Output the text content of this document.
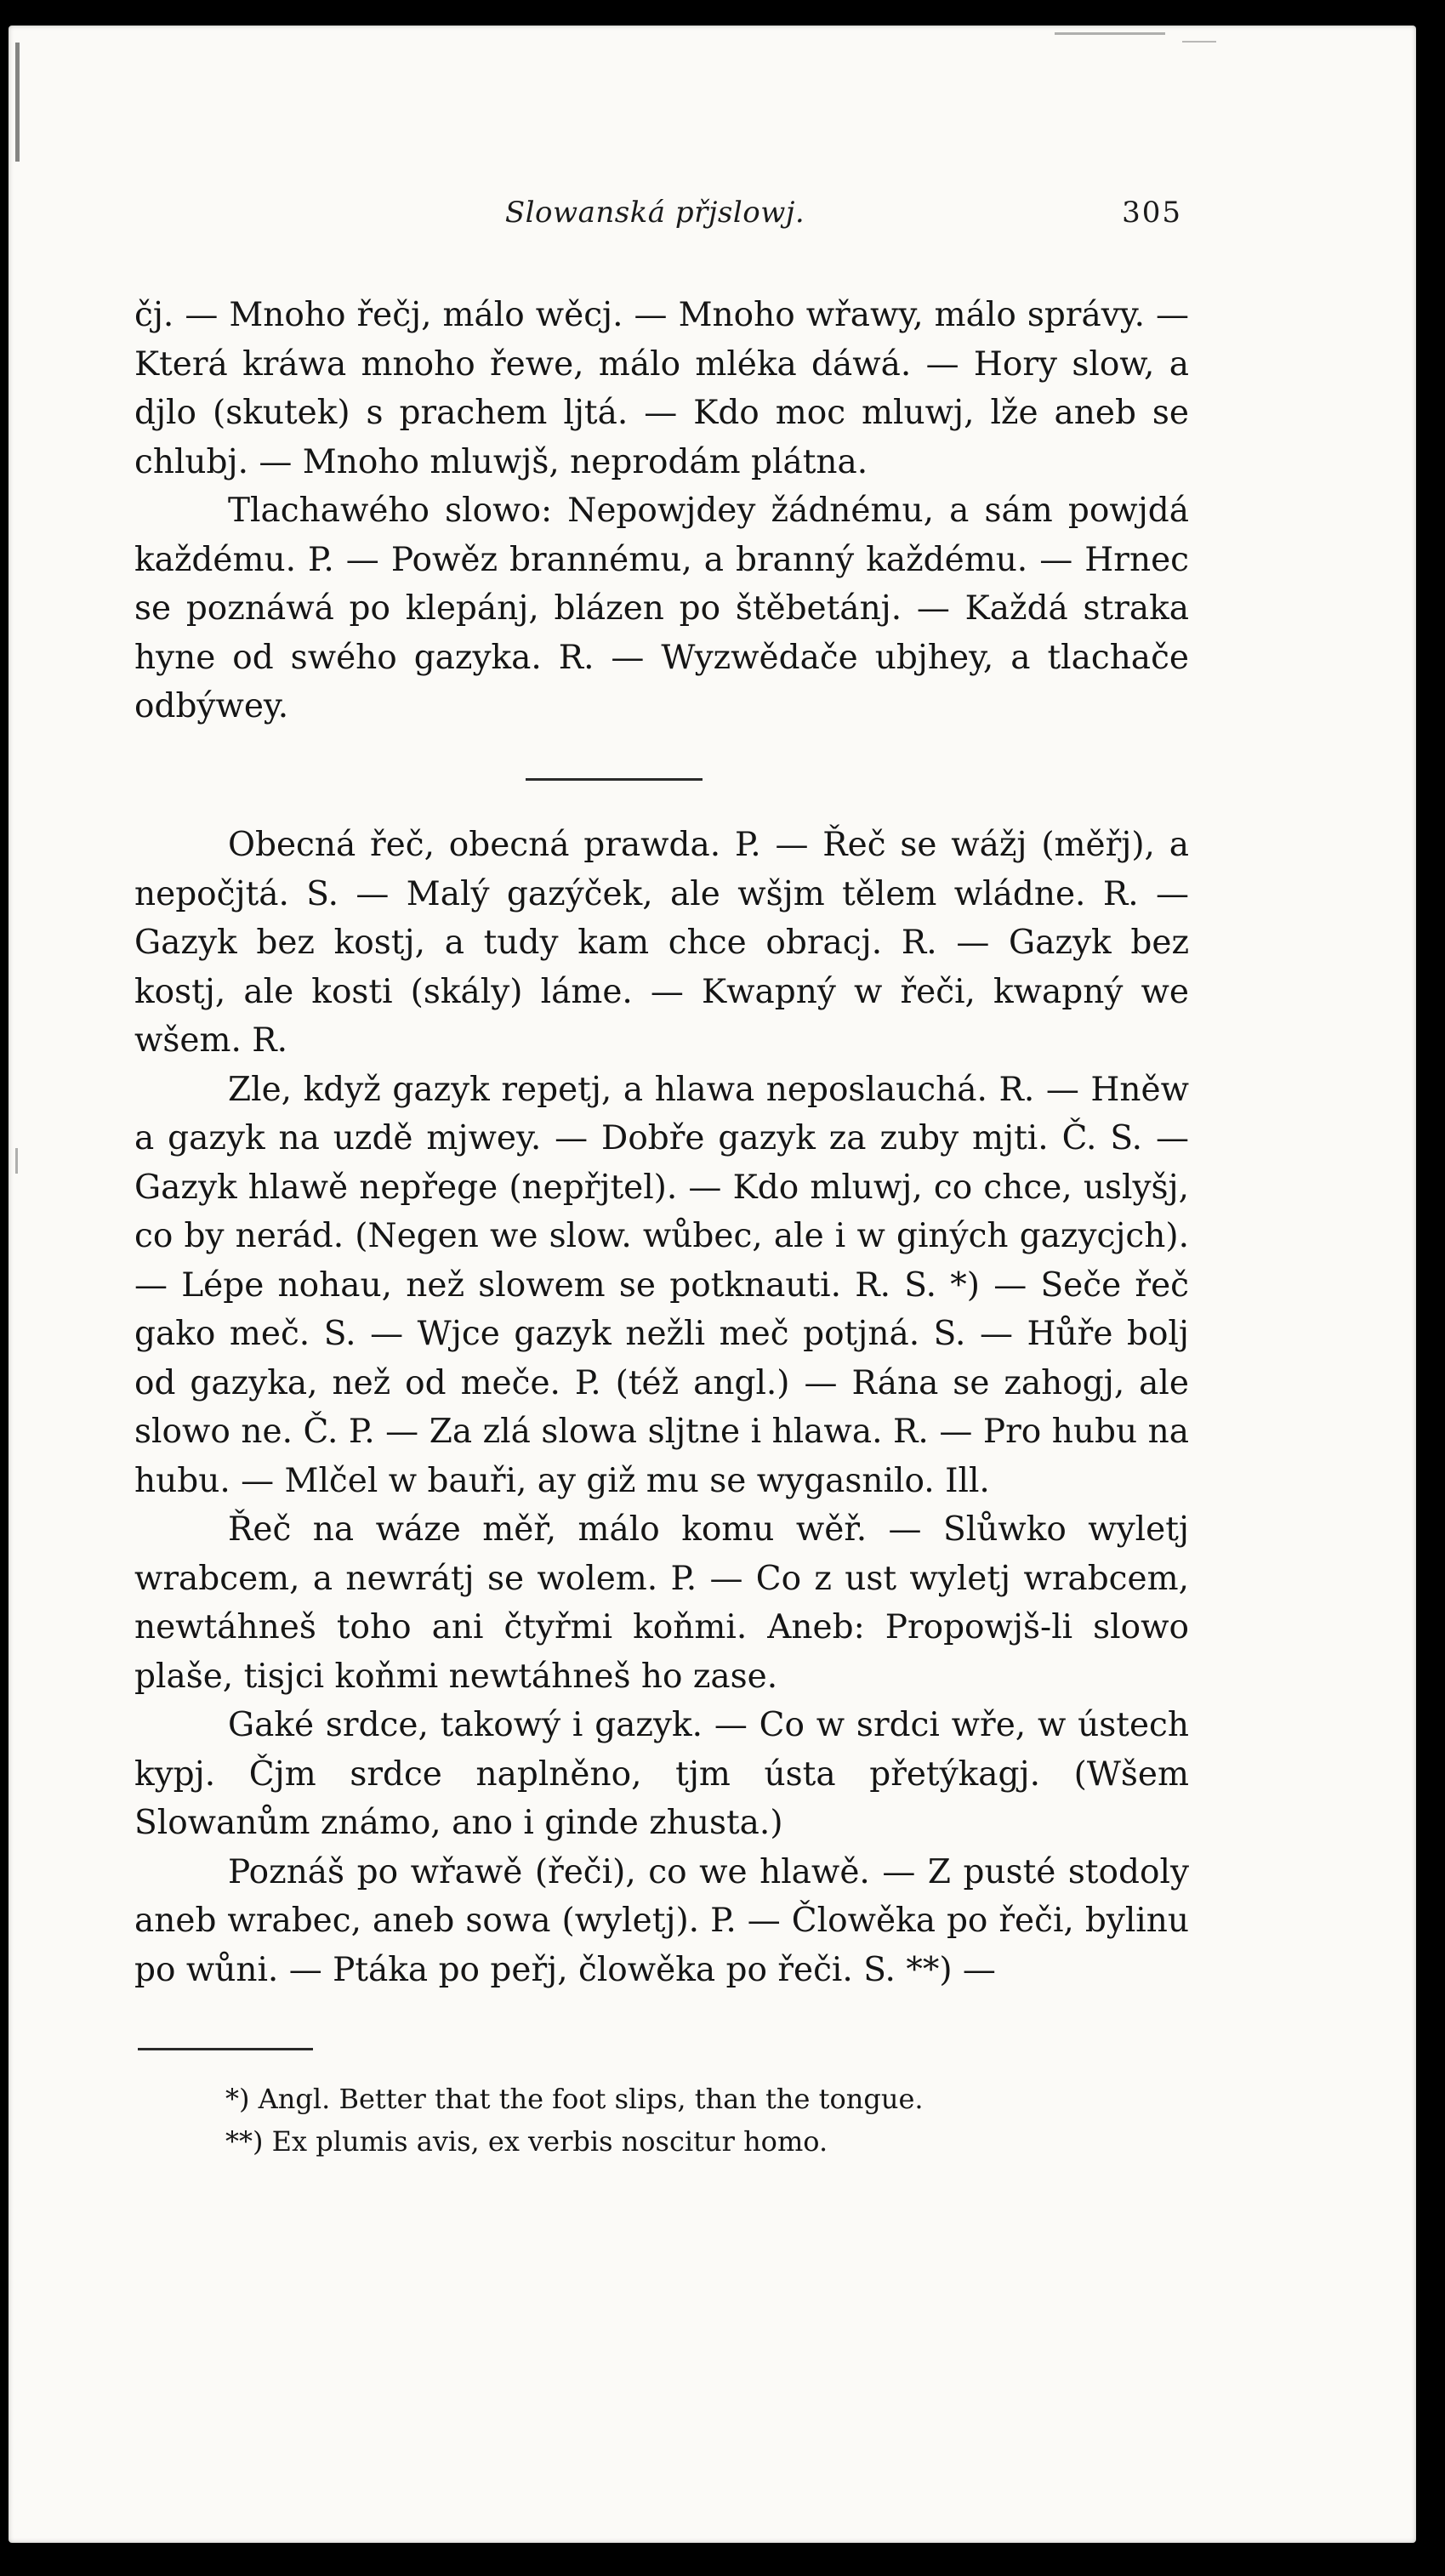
Slowanská přjslowj.	305

čj. — Mnoho řečj, málo wěcj. — Mnoho wřawy, málo správy. — Která kráwa mnoho řewe, málo mléka dáwá. — Hory slow, a djlo (skutek) s prachem ljtá. — Kdo moc mluwj, lže aneb se chlubj. — Mnoho mluwjš, neprodám plátna.

Tlachawého slowo: Nepowjdey žádnému, a sám powjdá každému. P. — Powěz brannému, a branný každému. — Hrnec se poznáwá po klepánj, blázen po štěbetánj. — Každá straka hyne od swého gazyka. R. — Wyzwědače ubjhey, a tlachače odbýwey.

Obecná řeč, obecná prawda. P. — Řeč se wážj (měřj), a nepočjtá. S. — Malý gazýček, ale wšjm tělem wládne. R. — Gazyk bez kostj, a tudy kam chce obracj. R. — Gazyk bez kostj, ale kosti (skály) láme. — Kwapný w řeči, kwapný we wšem. R.

Zle, když gazyk repetj, a hlawa neposlauchá. R. — Hněw a gazyk na uzdě mjwey. — Dobře gazyk za zuby mjti. Č. S. — Gazyk hlawě nepřege (nepřjtel). — Kdo mluwj, co chce, uslyšj, co by nerád. (Negen we slow. wůbec, ale i w giných gazycjch). — Lépe nohau, než slowem se potknauti. R. S. *) — Seče řeč gako meč. S. — Wjce gazyk nežli meč potjná. S. — Hůře bolj od gazyka, než od meče. P. (též angl.) — Rána se zahogj, ale slowo ne. Č. P. — Za zlá slowa sljtne i hlawa. R. — Pro hubu na hubu. — Mlčel w bauři, ay giž mu se wygasnilo. Ill.

Řeč na wáze měř, málo komu wěř. — Slůwko wyletj wrabcem, a newrátj se wolem. P. — Co z ust wyletj wrabcem, newtáhneš toho ani čtyřmi koňmi. Aneb: Propowjš-li slowo plaše, tisjci koňmi newtáhneš ho zase.

Gaké srdce, takowý i gazyk. — Co w srdci wře, w ústech kypj. Čjm srdce naplněno, tjm ústa přetýkagj. (Wšem Slowanům známo, ano i ginde zhusta.)

Poznáš po wřawě (řeči), co we hlawě. — Z pusté stodoly aneb wrabec, aneb sowa (wyletj). P. — Člowěka po řeči, bylinu po wůni. — Ptáka po peřj, člowěka po řeči. S. **) —

*) Angl. Better that the foot slips, than the tongue.
**) Ex plumis avis, ex verbis noscitur homo.
